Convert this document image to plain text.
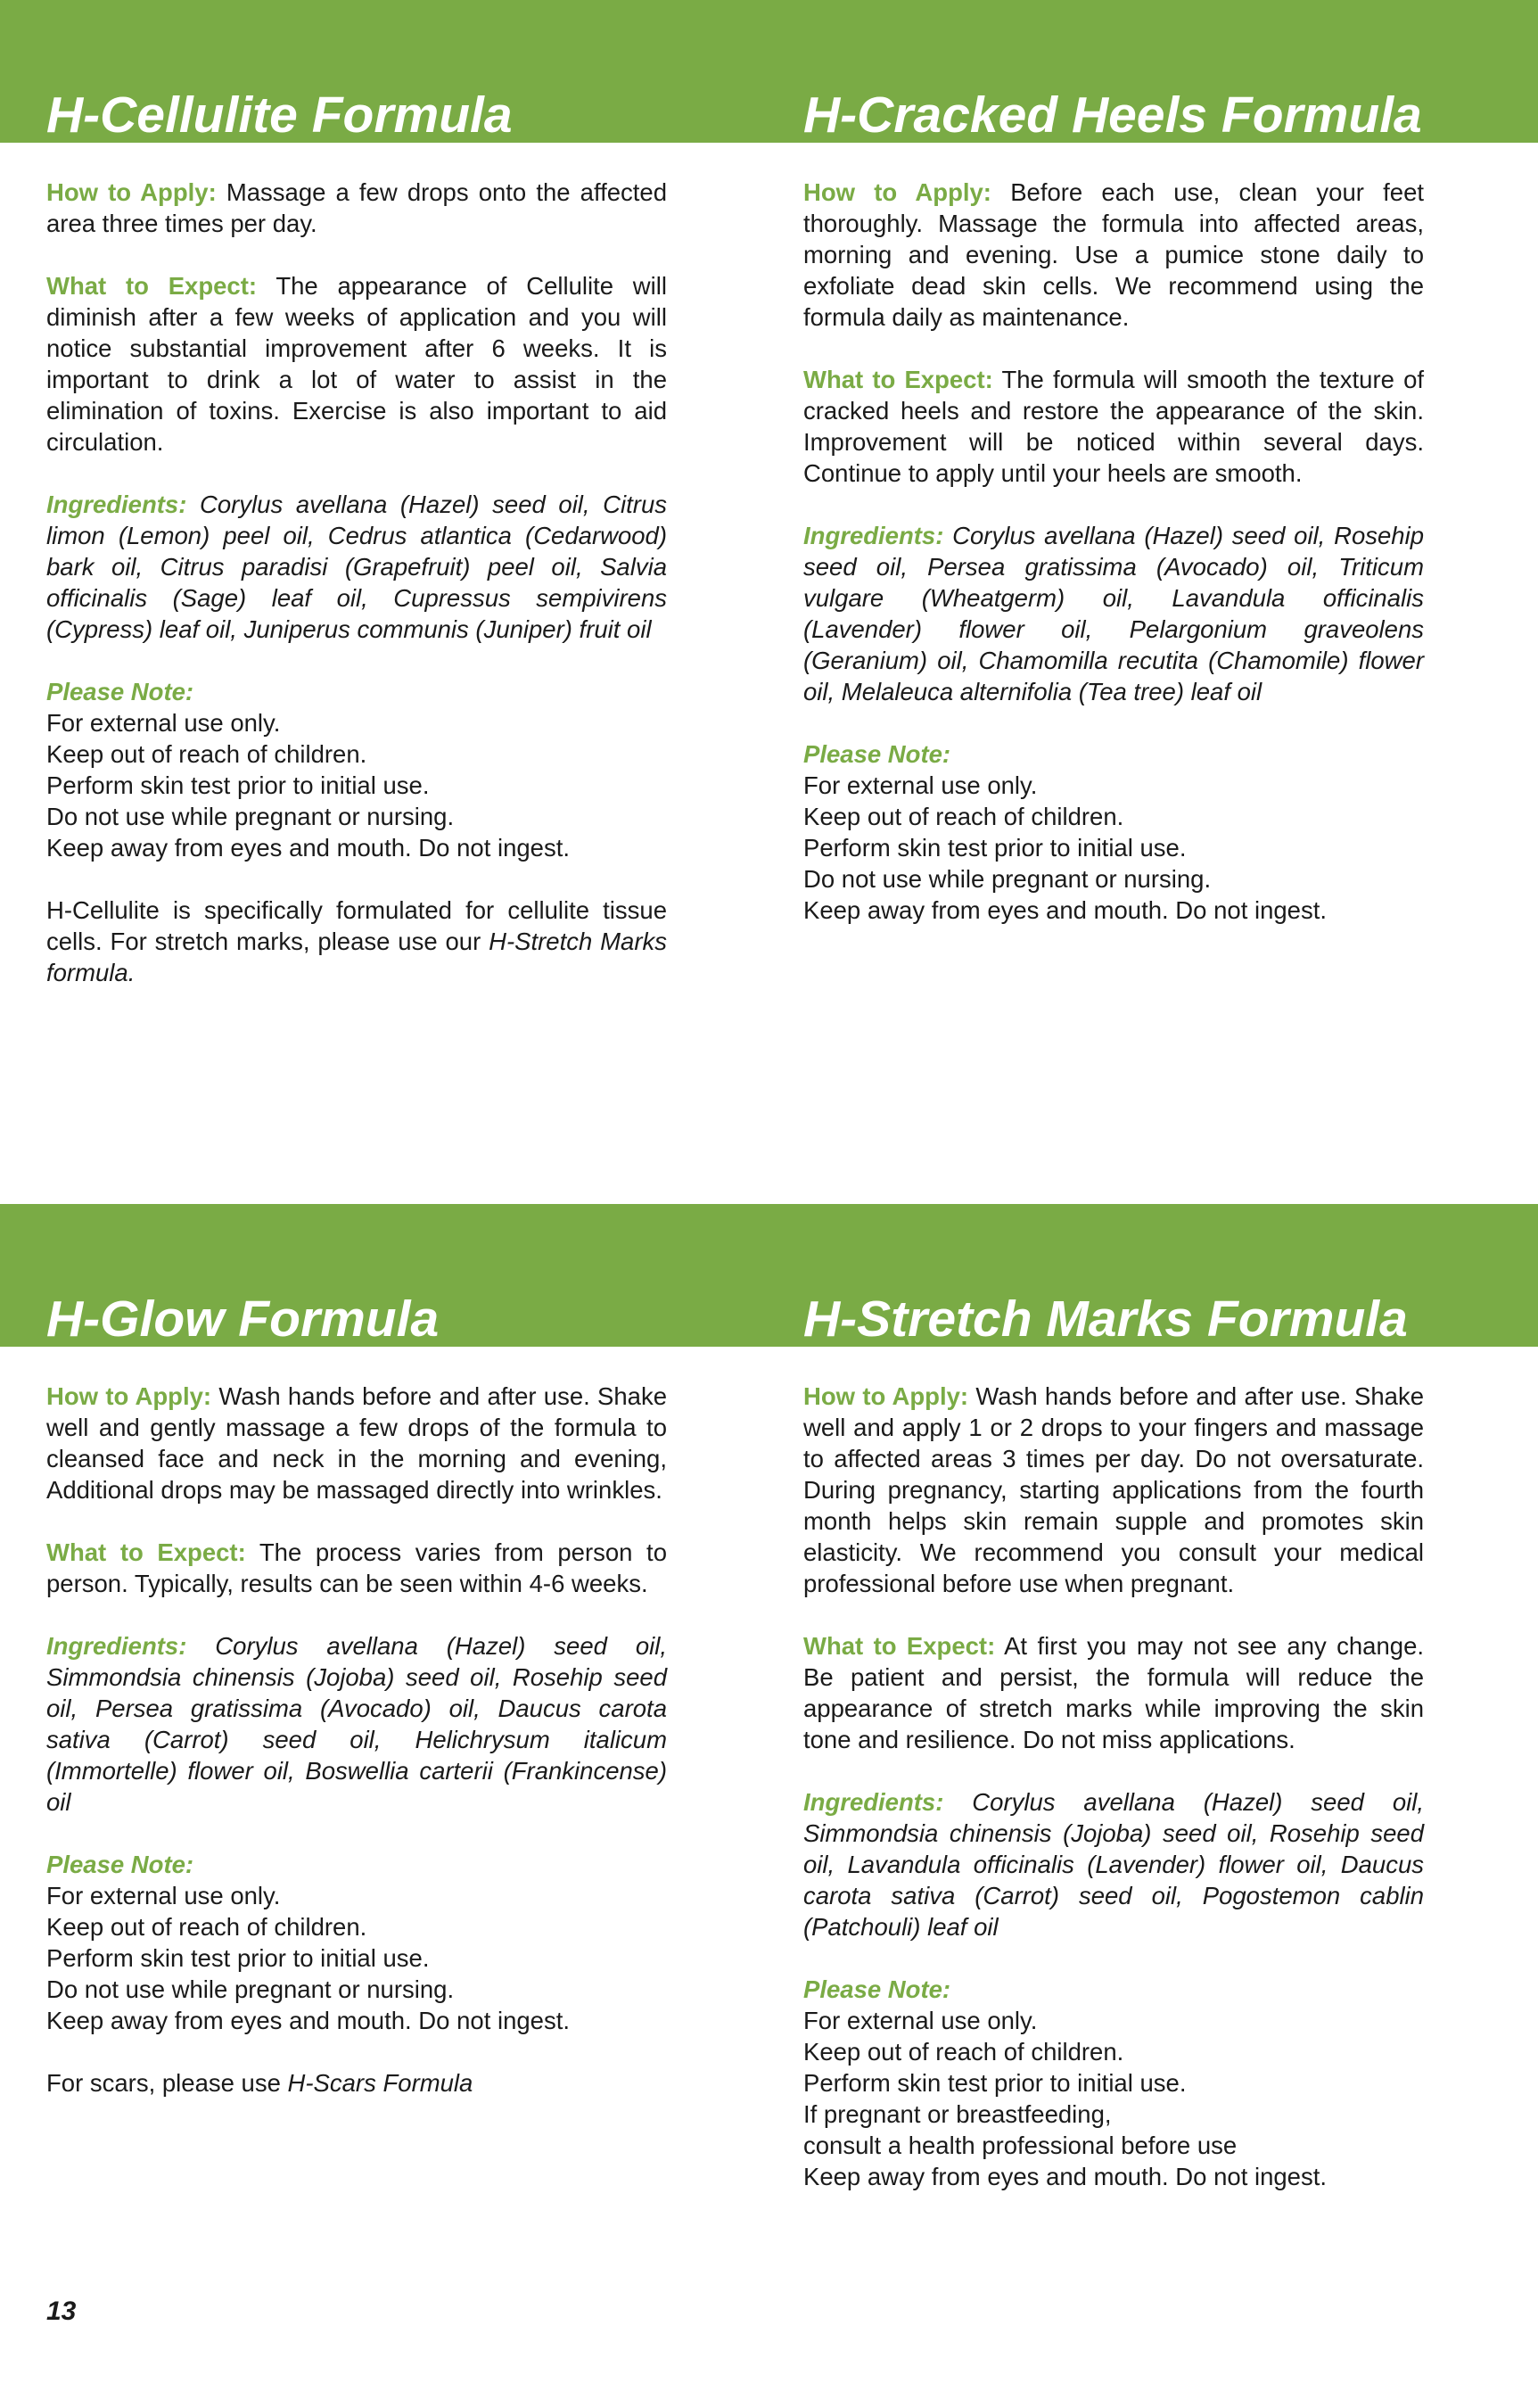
H-Cellulite Formula

How to Apply: Massage a few drops onto the affected area three times per day.

What to Expect: The appearance of Cellulite will diminish after a few weeks of application and you will notice substantial improvement after 6 weeks. It is important to drink a lot of water to assist in the elimination of toxins. Exercise is also important to aid circulation.

Ingredients: Corylus avellana (Hazel) seed oil, Citrus limon (Lemon) peel oil, Cedrus atlantica (Cedarwood) bark oil, Citrus paradisi (Grapefruit) peel oil, Salvia officinalis (Sage) leaf oil, Cupressus sempivirens (Cypress) leaf oil, Juniperus communis (Juniper) fruit oil

Please Note:
For external use only.
Keep out of reach of children.
Perform skin test prior to initial use.
Do not use while pregnant or nursing.
Keep away from eyes and mouth. Do not ingest.

H-Cellulite is specifically formulated for cellulite tissue cells. For stretch marks, please use our H-Stretch Marks formula.

H-Cracked Heels Formula

How to Apply: Before each use, clean your feet thoroughly. Massage the formula into affected areas, morning and evening. Use a pumice stone daily to exfoliate dead skin cells. We recommend using the formula daily as maintenance.

What to Expect: The formula will smooth the texture of cracked heels and restore the appearance of the skin. Improvement will be noticed within several days. Continue to apply until your heels are smooth.

Ingredients: Corylus avellana (Hazel) seed oil, Rosehip seed oil, Persea gratissima (Avocado) oil, Triticum vulgare (Wheatgerm) oil, Lavandula officinalis (Lavender) flower oil, Pelargonium graveolens (Geranium) oil, Chamomilla recutita (Chamomile) flower oil, Melaleuca alternifolia (Tea tree) leaf oil

Please Note:
For external use only.
Keep out of reach of children.
Perform skin test prior to initial use.
Do not use while pregnant or nursing.
Keep away from eyes and mouth. Do not ingest.

H-Glow Formula

How to Apply: Wash hands before and after use. Shake well and gently massage a few drops of the formula to cleansed face and neck in the morning and evening, Additional drops may be massaged directly into wrinkles.

What to Expect: The process varies from person to person. Typically, results can be seen within 4-6 weeks.

Ingredients: Corylus avellana (Hazel) seed oil, Simmondsia chinensis (Jojoba) seed oil, Rosehip seed oil, Persea gratissima (Avocado) oil, Daucus carota sativa (Carrot) seed oil, Helichrysum italicum (Immortelle) flower oil, Boswellia carterii (Frankincense) oil

Please Note:
For external use only.
Keep out of reach of children.
Perform skin test prior to initial use.
Do not use while pregnant or nursing.
Keep away from eyes and mouth. Do not ingest.

For scars, please use H-Scars Formula

H-Stretch Marks Formula

How to Apply: Wash hands before and after use. Shake well and apply 1 or 2 drops to your fingers and massage to affected areas 3 times per day. Do not oversaturate. During pregnancy, starting applications from the fourth month helps skin remain supple and promotes skin elasticity. We recommend you consult your medical professional before use when pregnant.

What to Expect: At first you may not see any change. Be patient and persist, the formula will reduce the appearance of stretch marks while improving the skin tone and resilience. Do not miss applications.

Ingredients: Corylus avellana (Hazel) seed oil, Simmondsia chinensis (Jojoba) seed oil, Rosehip seed oil, Lavandula officinalis (Lavender) flower oil, Daucus carota sativa (Carrot) seed oil, Pogostemon cablin (Patchouli) leaf oil

Please Note:
For external use only.
Keep out of reach of children.
Perform skin test prior to initial use.
If pregnant or breastfeeding,
consult a health professional before use
Keep away from eyes and mouth. Do not ingest.

13
